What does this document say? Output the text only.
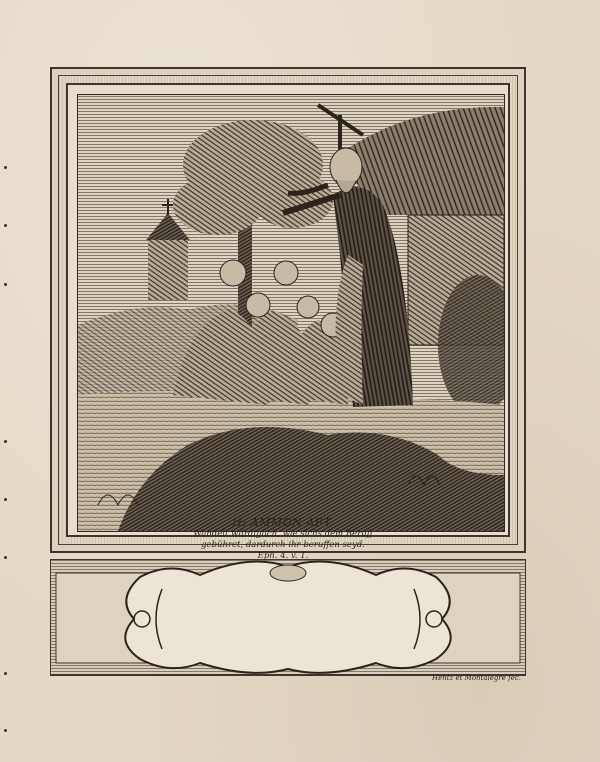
H: AMMON ABT.
Wandelt würdiglich, wie sichs dem Beruff
gebühret, dardurch ihr beruffen seyd.
Eph. 4. v. 1.
Hentz et Montalegre fec.
